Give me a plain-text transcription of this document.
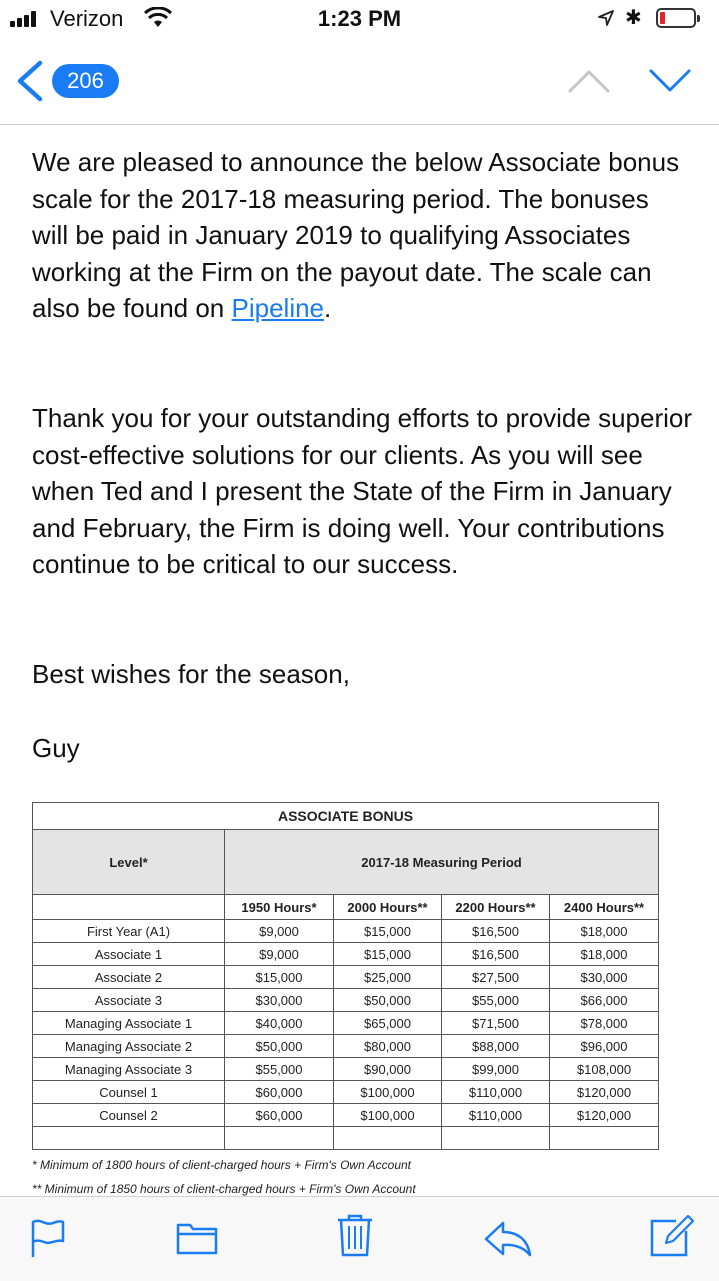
Verizon	1:23 PM	✱
206

We are pleased to announce the below Associate bonus scale for the 2017-18 measuring period. The bonuses will be paid in January 2019 to qualifying Associates working at the Firm on the payout date. The scale can also be found on Pipeline.

Thank you for your outstanding efforts to provide superior cost-effective solutions for our clients. As you will see when Ted and I present the State of the Firm in January and February, the Firm is doing well. Your contributions continue to be critical to our success.

Best wishes for the season,

Guy

ASSOCIATE BONUS				
Level*	2017-18 Measuring Period			
	1950 Hours*	2000 Hours**	2200 Hours**	2400 Hours**
First Year (A1)	$9,000	$15,000	$16,500	$18,000
Associate 1	$9,000	$15,000	$16,500	$18,000
Associate 2	$15,000	$25,000	$27,500	$30,000
Associate 3	$30,000	$50,000	$55,000	$66,000
Managing Associate 1	$40,000	$65,000	$71,500	$78,000
Managing Associate 2	$50,000	$80,000	$88,000	$96,000
Managing Associate 3	$55,000	$90,000	$99,000	$108,000
Counsel 1	$60,000	$100,000	$110,000	$120,000
Counsel 2	$60,000	$100,000	$110,000	$120,000

* Minimum of 1800 hours of client-charged hours + Firm's Own Account
** Minimum of 1850 hours of client-charged hours + Firm's Own Account
